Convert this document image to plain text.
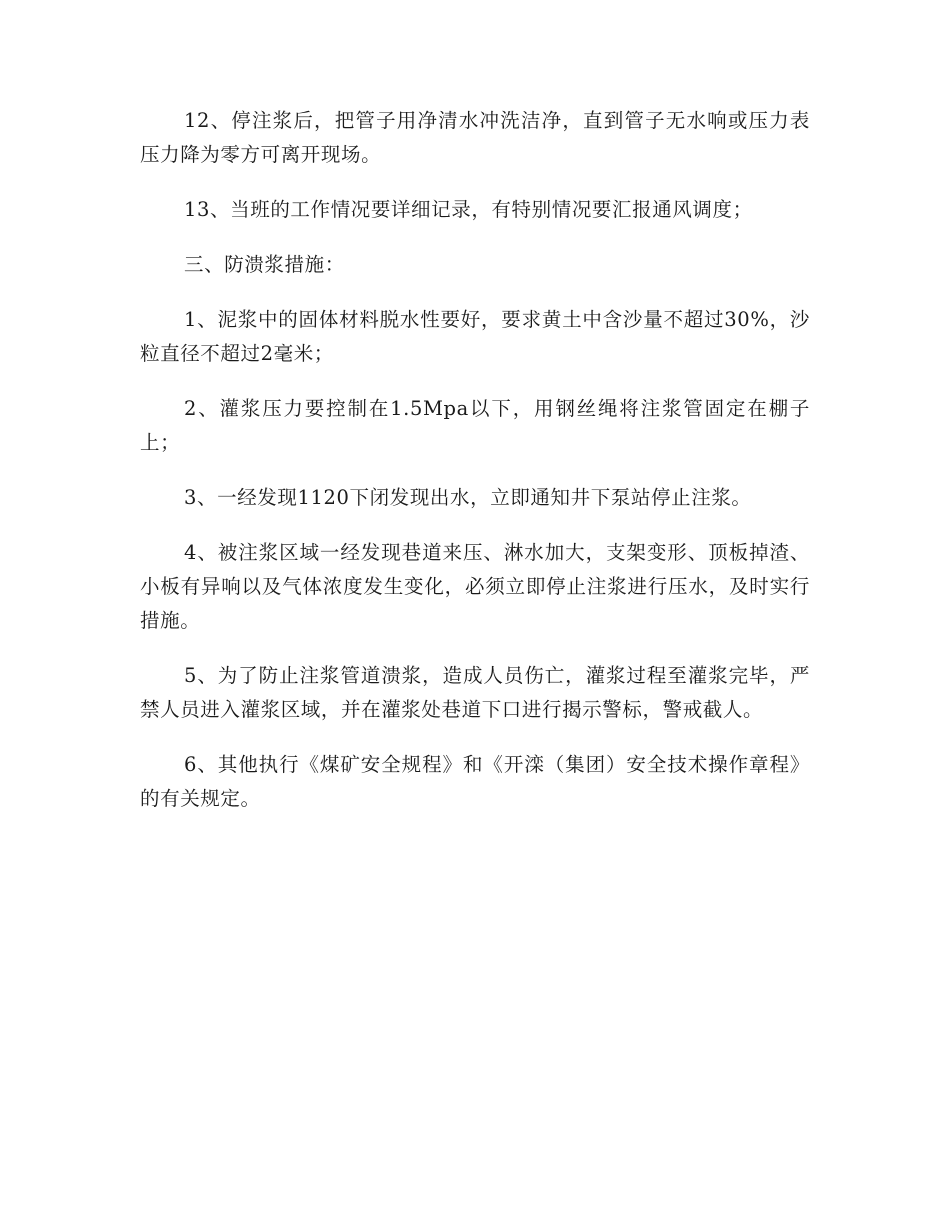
12、停注浆后，把管子用净清水冲洗洁净，直到管子无水响或压力表压力降为零方可离开现场。

13、当班的工作情况要详细记录，有特别情况要汇报通风调度；

三、防溃浆措施：

1、泥浆中的固体材料脱水性要好，要求黄土中含沙量不超过30%，沙粒直径不超过2毫米；

2、灌浆压力要控制在1.5Mpa以下，用钢丝绳将注浆管固定在棚子上；

3、一经发现1120下闭发现出水，立即通知井下泵站停止注浆。

4、被注浆区域一经发现巷道来压、淋水加大，支架变形、顶板掉渣、小板有异响以及气体浓度发生变化，必须立即停止注浆进行压水，及时实行措施。

5、为了防止注浆管道溃浆，造成人员伤亡，灌浆过程至灌浆完毕，严禁人员进入灌浆区域，并在灌浆处巷道下口进行揭示警标，警戒截人。

6、其他执行《煤矿安全规程》和《开滦（集团）安全技术操作章程》的有关规定。
